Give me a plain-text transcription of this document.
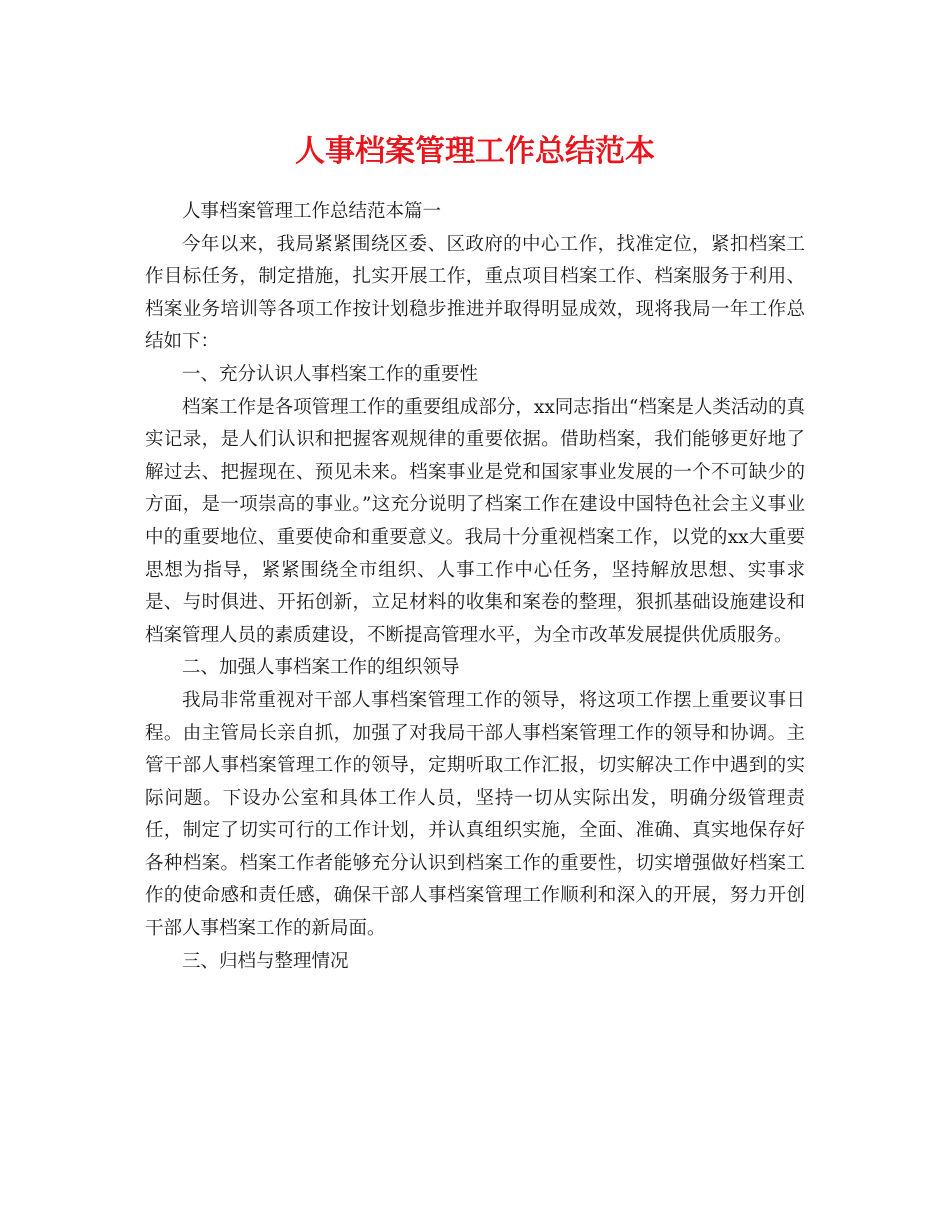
人事档案管理工作总结范本

人事档案管理工作总结范本篇一

今年以来，我局紧紧围绕区委、区政府的中心工作，找准定位，紧扣档案工作目标任务，制定措施，扎实开展工作，重点项目档案工作、档案服务于利用、档案业务培训等各项工作按计划稳步推进并取得明显成效，现将我局一年工作总结如下：

一、充分认识人事档案工作的重要性

档案工作是各项管理工作的重要组成部分，xx同志指出“档案是人类活动的真实记录，是人们认识和把握客观规律的重要依据。借助档案，我们能够更好地了解过去、把握现在、预见未来。档案事业是党和国家事业发展的一个不可缺少的方面，是一项崇高的事业。”这充分说明了档案工作在建设中国特色社会主义事业中的重要地位、重要使命和重要意义。我局十分重视档案工作，以党的xx大重要思想为指导，紧紧围绕全市组织、人事工作中心任务，坚持解放思想、实事求是、与时俱进、开拓创新，立足材料的收集和案卷的整理，狠抓基础设施建设和档案管理人员的素质建设，不断提高管理水平，为全市改革发展提供优质服务。

二、加强人事档案工作的组织领导

我局非常重视对干部人事档案管理工作的领导，将这项工作摆上重要议事日程。由主管局长亲自抓，加强了对我局干部人事档案管理工作的领导和协调。主管干部人事档案管理工作的领导，定期听取工作汇报，切实解决工作中遇到的实际问题。下设办公室和具体工作人员，坚持一切从实际出发，明确分级管理责任，制定了切实可行的工作计划，并认真组织实施，全面、准确、真实地保存好各种档案。档案工作者能够充分认识到档案工作的重要性，切实增强做好档案工作的使命感和责任感，确保干部人事档案管理工作顺利和深入的开展，努力开创干部人事档案工作的新局面。

三、归档与整理情况
